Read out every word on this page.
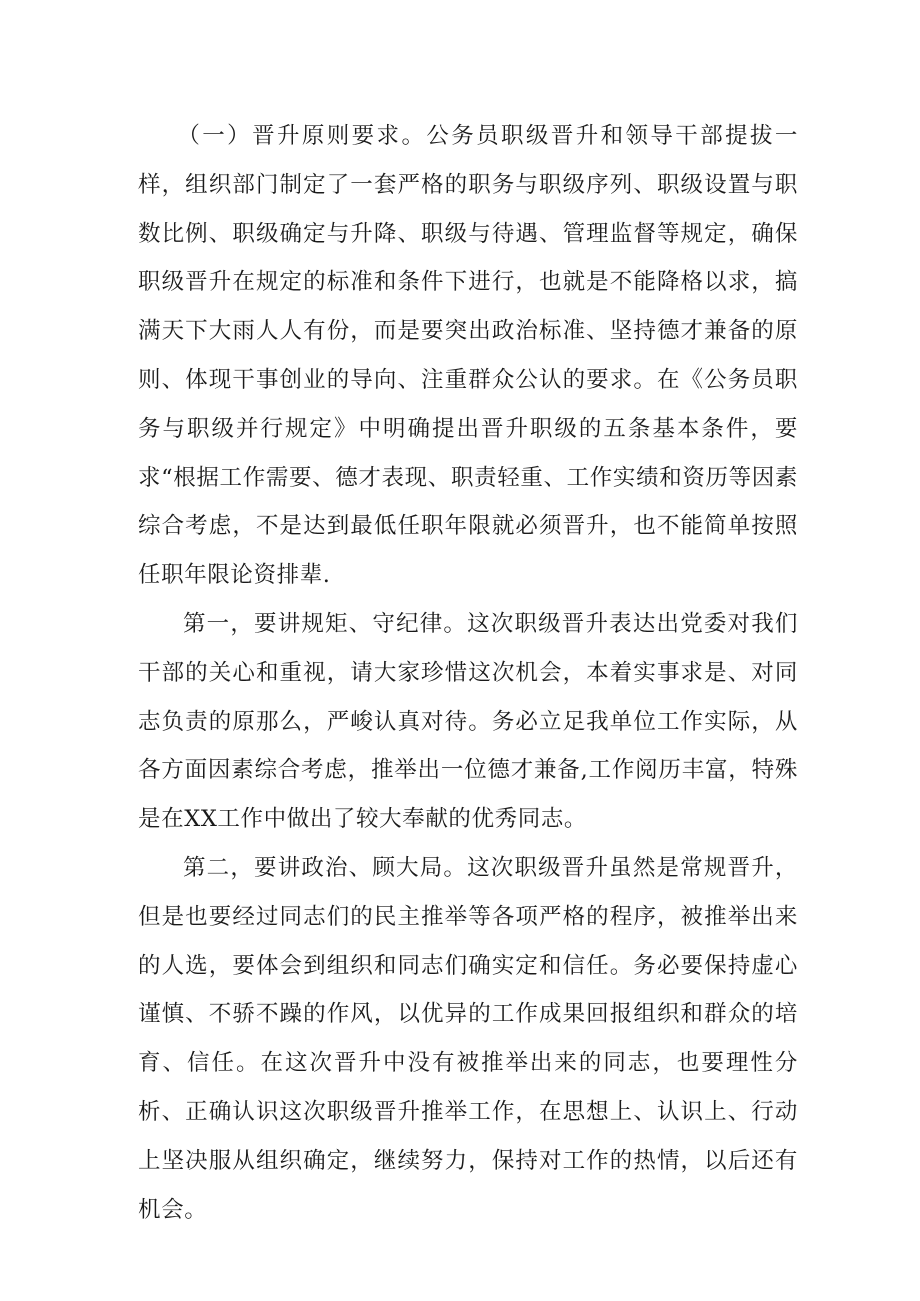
（一）晋升原则要求。公务员职级晋升和领导干部提拔一样，组织部门制定了一套严格的职务与职级序列、职级设置与职数比例、职级确定与升降、职级与待遇、管理监督等规定，确保职级晋升在规定的标准和条件下进行，也就是不能降格以求，搞满天下大雨人人有份，而是要突出政治标准、坚持德才兼备的原则、体现干事创业的导向、注重群众公认的要求。在《公务员职务与职级并行规定》中明确提出晋升职级的五条基本条件，要求“根据工作需要、德才表现、职责轻重、工作实绩和资历等因素综合考虑，不是达到最低任职年限就必须晋升，也不能简单按照任职年限论资排辈.

第一，要讲规矩、守纪律。这次职级晋升表达出党委对我们干部的关心和重视，请大家珍惜这次机会，本着实事求是、对同志负责的原那么，严峻认真对待。务必立足我单位工作实际，从各方面因素综合考虑，推举出一位德才兼备,工作阅历丰富，特殊是在XX工作中做出了较大奉献的优秀同志。

第二，要讲政治、顾大局。这次职级晋升虽然是常规晋升，但是也要经过同志们的民主推举等各项严格的程序，被推举出来的人选，要体会到组织和同志们确实定和信任。务必要保持虚心谨慎、不骄不躁的作风，以优异的工作成果回报组织和群众的培育、信任。在这次晋升中没有被推举出来的同志，也要理性分析、正确认识这次职级晋升推举工作，在思想上、认识上、行动上坚决服从组织确定，继续努力，保持对工作的热情，以后还有机会。
